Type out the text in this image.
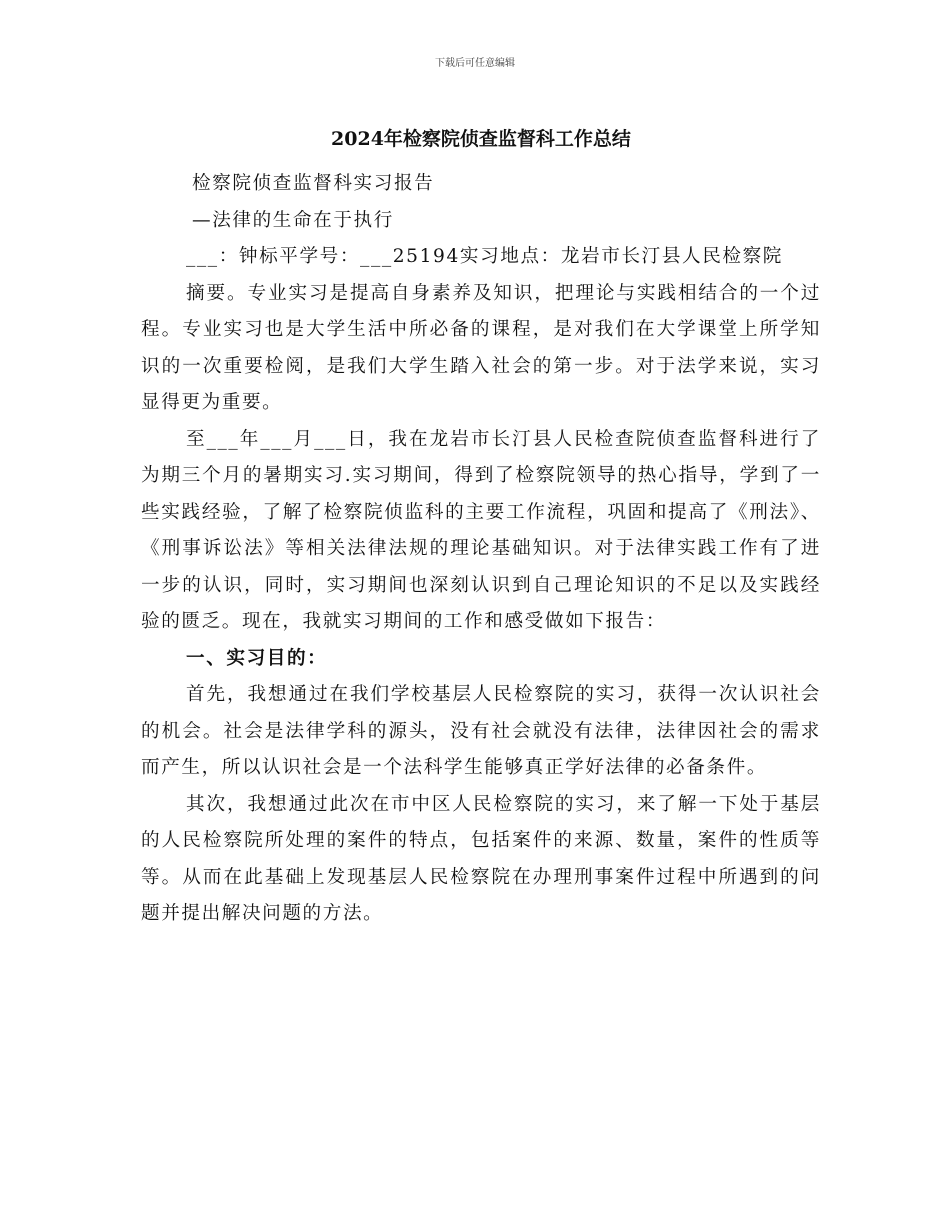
下载后可任意编辑
2024年检察院侦查监督科工作总结

检察院侦查监督科实习报告

—法律的生命在于执行

___：钟标平学号：___25194实习地点：龙岩市长汀县人民检察院

摘要。专业实习是提高自身素养及知识，把理论与实践相结合的一个过程。专业实习也是大学生活中所必备的课程，是对我们在大学课堂上所学知识的一次重要检阅，是我们大学生踏入社会的第一步。对于法学来说，实习显得更为重要。

至___年___月___日，我在龙岩市长汀县人民检查院侦查监督科进行了为期三个月的暑期实习.实习期间，得到了检察院领导的热心指导，学到了一些实践经验，了解了检察院侦监科的主要工作流程，巩固和提高了《刑法》、《刑事诉讼法》等相关法律法规的理论基础知识。对于法律实践工作有了进一步的认识，同时，实习期间也深刻认识到自己理论知识的不足以及实践经验的匮乏。现在，我就实习期间的工作和感受做如下报告：

一、实习目的：

首先，我想通过在我们学校基层人民检察院的实习，获得一次认识社会的机会。社会是法律学科的源头，没有社会就没有法律，法律因社会的需求而产生，所以认识社会是一个法科学生能够真正学好法律的必备条件。

其次，我想通过此次在市中区人民检察院的实习，来了解一下处于基层的人民检察院所处理的案件的特点，包括案件的来源、数量，案件的性质等等。从而在此基础上发现基层人民检察院在办理刑事案件过程中所遇到的问题并提出解决问题的方法。
